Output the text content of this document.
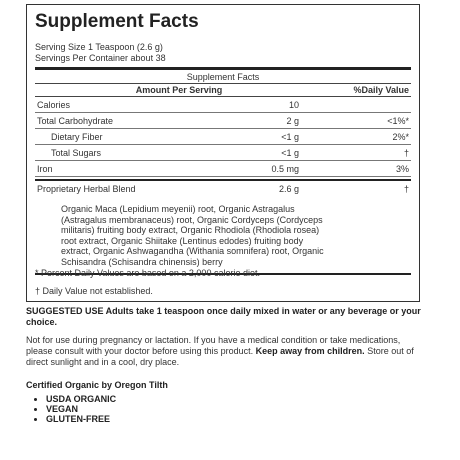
Supplement Facts
Serving Size 1 Teaspoon (2.6 g)
Servings Per Container about 38
Supplement Facts
Amount Per Serving		%Daily Value
Calories	10	
Total Carbohydrate	2 g	<1%*
Dietary Fiber	<1 g	2%*
Total Sugars	<1 g	†
Iron	0.5 mg	3%

Proprietary Herbal Blend	2.6 g	†

Organic Maca (Lepidium meyenii) root, Organic Astragalus (Astragalus membranaceus) root, Organic Cordyceps (Cordyceps militaris) fruiting body extract, Organic Rhodiola (Rhodiola rosea) root extract, Organic Shiitake (Lentinus edodes) fruiting body extract, Organic Ashwagandha (Withania somnifera) root, Organic Schisandra (Schisandra chinensis) berry		
* Percent Daily Values are based on a 2,000 calorie diet.
† Daily Value not established.
SUGGESTED USE Adults take 1 teaspoon once daily mixed in water or any beverage or your choice.
Not for use during pregnancy or lactation. If you have a medical condition or take medications, please consult with your doctor before using this product. Keep away from children. Store out of direct sunlight and in a cool, dry place.
Certified Organic by Oregon Tilth
• USDA ORGANIC
• VEGAN
• GLUTEN-FREE
